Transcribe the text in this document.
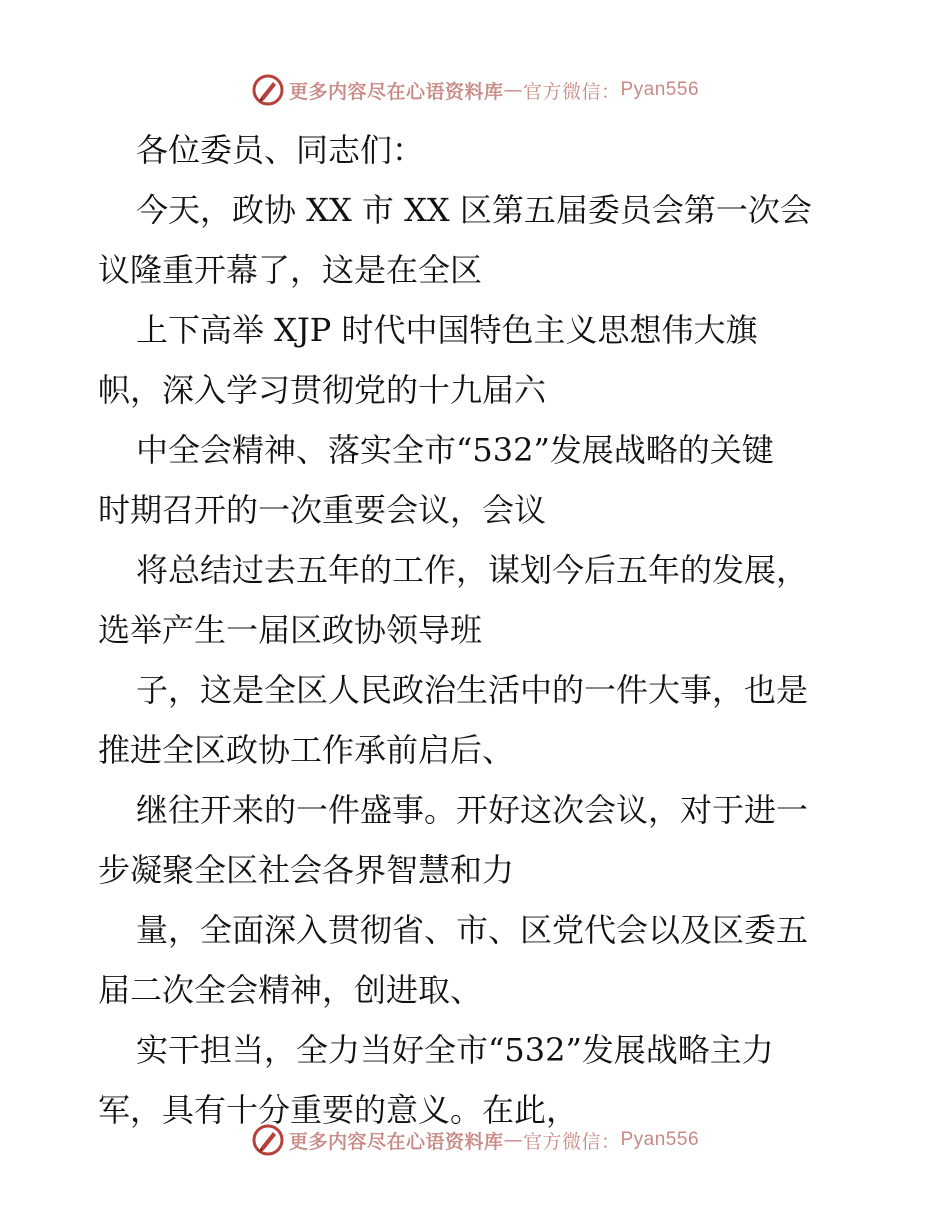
更多内容尽在心语资料库 — 官方微信： Pyan556
各位委员、同志们：
今天，政协 XX 市 XX 区第五届委员会第一次会
议隆重开幕了，这是在全区
上下高举 XJP 时代中国特色主义思想伟大旗
帜，深入学习贯彻党的十九届六
中全会精神、落实全市“532”发展战略的关键
时期召开的一次重要会议，会议
将总结过去五年的工作，谋划今后五年的发展，
选举产生一届区政协领导班
子，这是全区人民政治生活中的一件大事，也是
推进全区政协工作承前启后、
继往开来的一件盛事。开好这次会议，对于进一
步凝聚全区社会各界智慧和力
量，全面深入贯彻省、市、区党代会以及区委五
届二次全会精神，创进取、
实干担当，全力当好全市“532”发展战略主力
军，具有十分重要的意义。在此，
更多内容尽在心语资料库 — 官方微信： Pyan556
